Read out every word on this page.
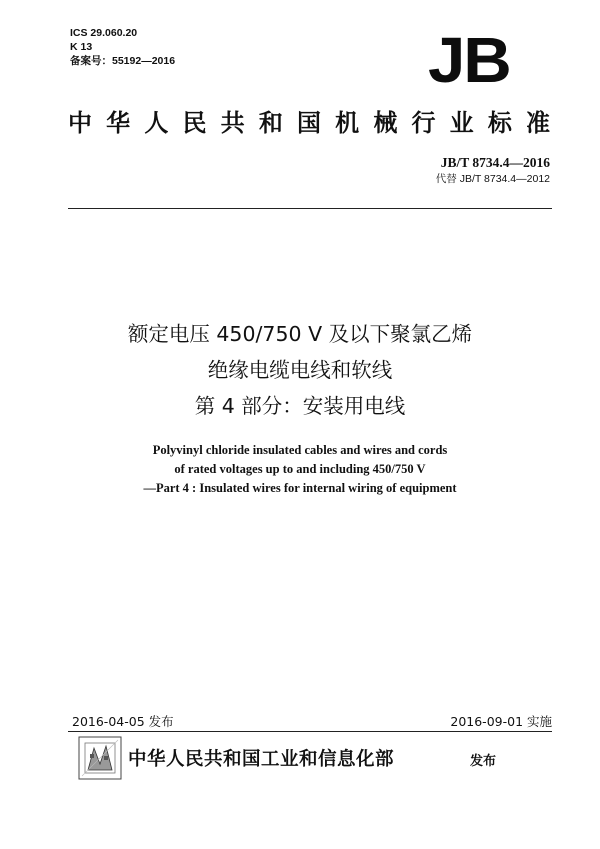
ICS 29.060.20
K 13
备案号：55192—2016	JB
中华人民共和国机械行业标准
JB/T 8734.4—2016
代替 JB/T 8734.4—2012
额定电压 450/750 V 及以下聚氯乙烯
绝缘电缆电线和软线
第 4 部分：安装用电线
Polyvinyl chloride insulated cables and wires and cords
of rated voltages up to and including 450/750 V
—Part 4 : Insulated wires for internal wiring of equipment
2016-04-05 发布	2016-09-01 实施
中华人民共和国工业和信息化部	发布
